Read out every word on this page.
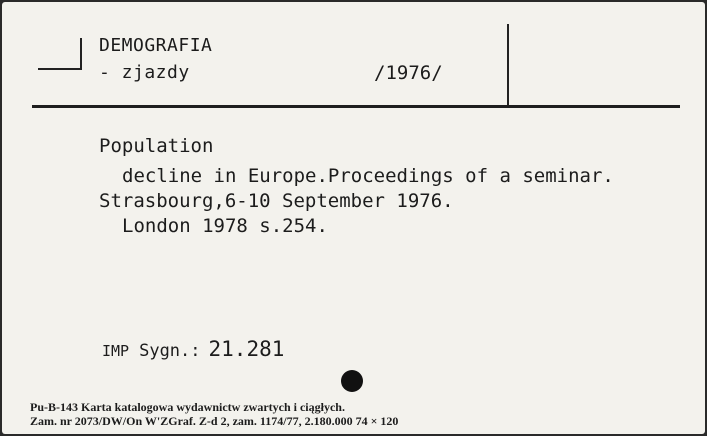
DEMOGRAFIA
- zjazdy	/1976/
Population
decline in Europe.Proceedings of a seminar.
Strasbourg,6-10 September 1976.
London 1978 s.254.
IMP Sygn.: 21.281
Pu-B-143 Karta katalogowa wydawnictw zwartych i ciągłych.
Zam. nr 2073/DW/On W'ZGraf. Z-d 2, zam. 1174/77, 2.180.000 74 × 120
